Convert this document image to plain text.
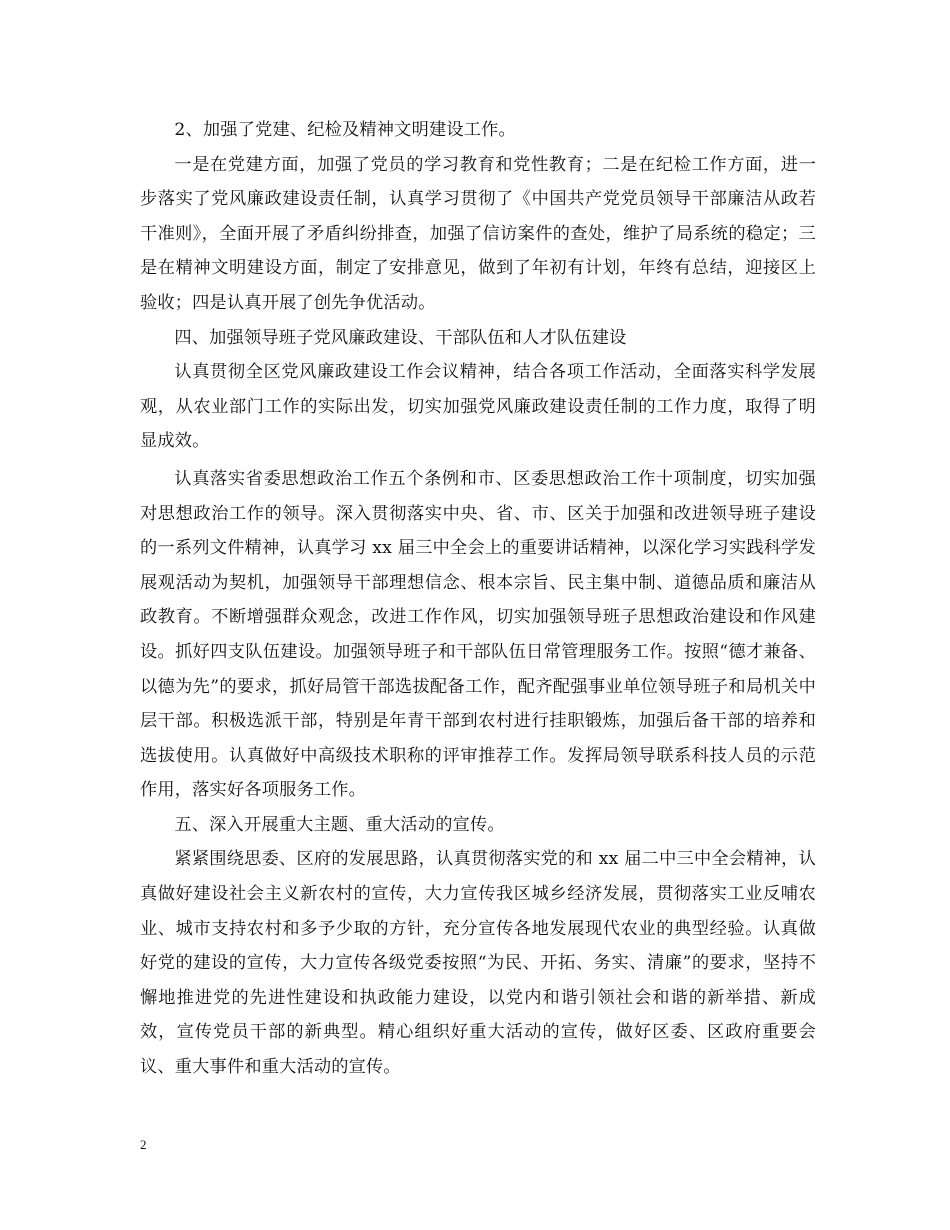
2、加强了党建、纪检及精神文明建设工作。

一是在党建方面，加强了党员的学习教育和党性教育；二是在纪检工作方面，进一步落实了党风廉政建设责任制，认真学习贯彻了《中国共产党党员领导干部廉洁从政若干准则》，全面开展了矛盾纠纷排查，加强了信访案件的查处，维护了局系统的稳定；三是在精神文明建设方面，制定了安排意见，做到了年初有计划，年终有总结，迎接区上验收；四是认真开展了创先争优活动。

四、加强领导班子党风廉政建设、干部队伍和人才队伍建设

认真贯彻全区党风廉政建设工作会议精神，结合各项工作活动，全面落实科学发展观，从农业部门工作的实际出发，切实加强党风廉政建设责任制的工作力度，取得了明显成效。

认真落实省委思想政治工作五个条例和市、区委思想政治工作十项制度，切实加强对思想政治工作的领导。深入贯彻落实中央、省、市、区关于加强和改进领导班子建设的一系列文件精神，认真学习 xx 届三中全会上的重要讲话精神，以深化学习实践科学发展观活动为契机，加强领导干部理想信念、根本宗旨、民主集中制、道德品质和廉洁从政教育。不断增强群众观念，改进工作作风，切实加强领导班子思想政治建设和作风建设。抓好四支队伍建设。加强领导班子和干部队伍日常管理服务工作。按照“德才兼备、以德为先”的要求，抓好局管干部选拔配备工作，配齐配强事业单位领导班子和局机关中层干部。积极选派干部，特别是年青干部到农村进行挂职锻炼，加强后备干部的培养和选拔使用。认真做好中高级技术职称的评审推荐工作。发挥局领导联系科技人员的示范作用，落实好各项服务工作。

五、深入开展重大主题、重大活动的宣传。

紧紧围绕思委、区府的发展思路，认真贯彻落实党的和 xx 届二中三中全会精神，认真做好建设社会主义新农村的宣传，大力宣传我区城乡经济发展，贯彻落实工业反哺农业、城市支持农村和多予少取的方针，充分宣传各地发展现代农业的典型经验。认真做好党的建设的宣传，大力宣传各级党委按照“为民、开拓、务实、清廉”的要求，坚持不懈地推进党的先进性建设和执政能力建设，以党内和谐引领社会和谐的新举措、新成效，宣传党员干部的新典型。精心组织好重大活动的宣传，做好区委、区政府重要会议、重大事件和重大活动的宣传。

2
